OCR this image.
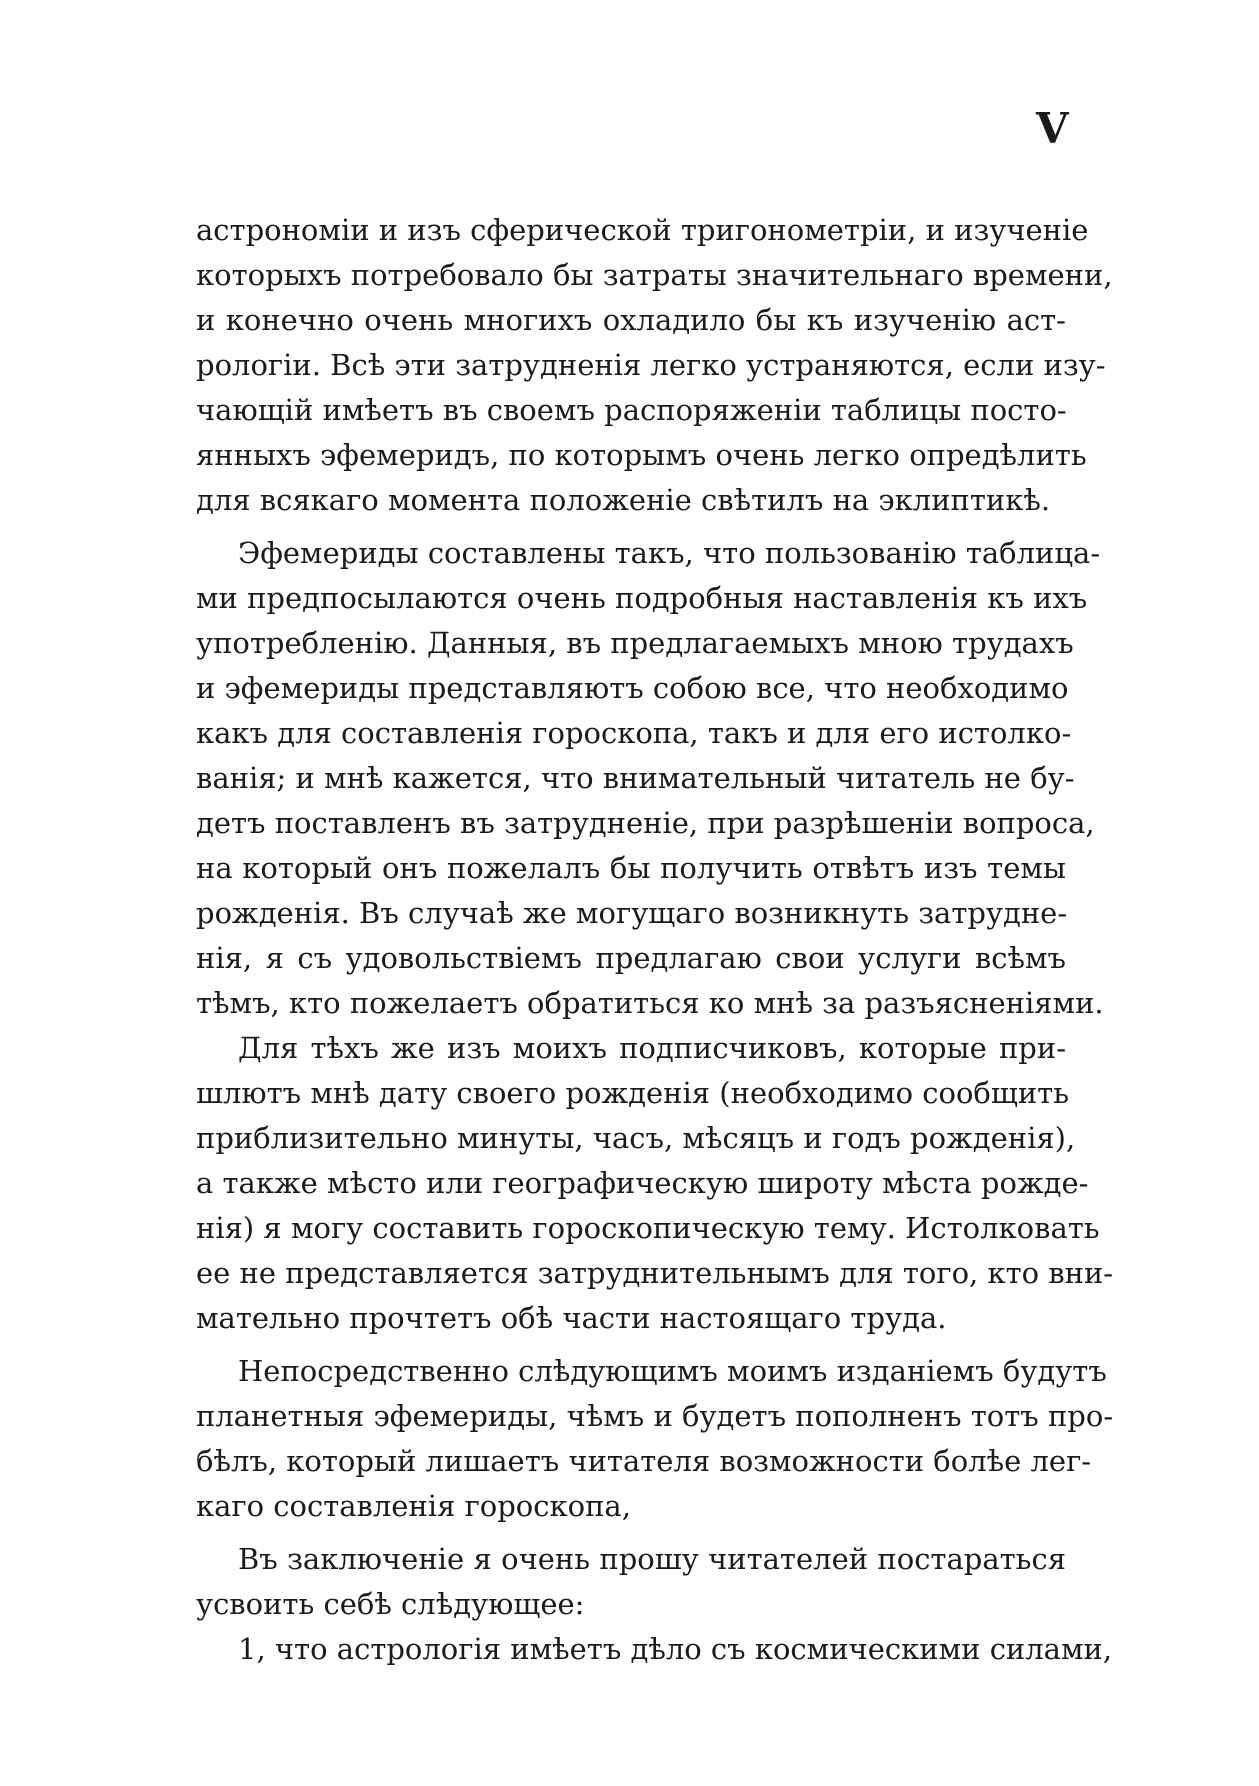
V
астрономіи и изъ сферической тригонометріи, и изученіе
которыхъ потребовало бы затраты значительнаго времени,
и конечно очень многихъ охладило бы къ изученію аст-
рологіи. Всѣ эти затрудненія легко устраняются, если изу-
чающій имѣетъ въ своемъ распоряженіи таблицы посто-
янныхъ эфемеридъ, по которымъ очень легко опредѣлить
для всякаго момента положеніе свѣтилъ на эклиптикѣ.
Эфемериды составлены такъ, что пользованію таблица-
ми предпосылаются очень подробныя наставленія къ ихъ
употребленію. Данныя, въ предлагаемыхъ мною трудахъ
и эфемериды представляютъ собою все, что необходимо
какъ для составленія гороскопа, такъ и для его истолко-
ванія; и мнѣ кажется, что внимательный читатель не бу-
детъ поставленъ въ затрудненіе, при разрѣшеніи вопроса,
на который онъ пожелалъ бы получить отвѣтъ изъ темы
рожденія. Въ случаѣ же могущаго возникнуть затрудне-
нія, я съ удовольствіемъ предлагаю свои услуги всѣмъ
тѣмъ, кто пожелаетъ обратиться ко мнѣ за разъясненіями.
Для тѣхъ же изъ моихъ подписчиковъ, которые при-
шлютъ мнѣ дату своего рожденія (необходимо сообщить
приблизительно минуты, часъ, мѣсяцъ и годъ рожденія),
а также мѣсто или географическую широту мѣста рожде-
нія) я могу составить гороскопическую тему. Истолковать
ее не представляется затруднительнымъ для того, кто вни-
мательно прочтетъ обѣ части настоящаго труда.
Непосредственно слѣдующимъ моимъ изданіемъ будутъ
планетныя эфемериды, чѣмъ и будетъ пополненъ тотъ про-
бѣлъ, который лишаетъ читателя возможности болѣе лег-
каго составленія гороскопа,
Въ заключеніе я очень прошу читателей постараться
усвоить себѣ слѣдующее:
1, что астрологія имѣетъ дѣло съ космическими силами,
